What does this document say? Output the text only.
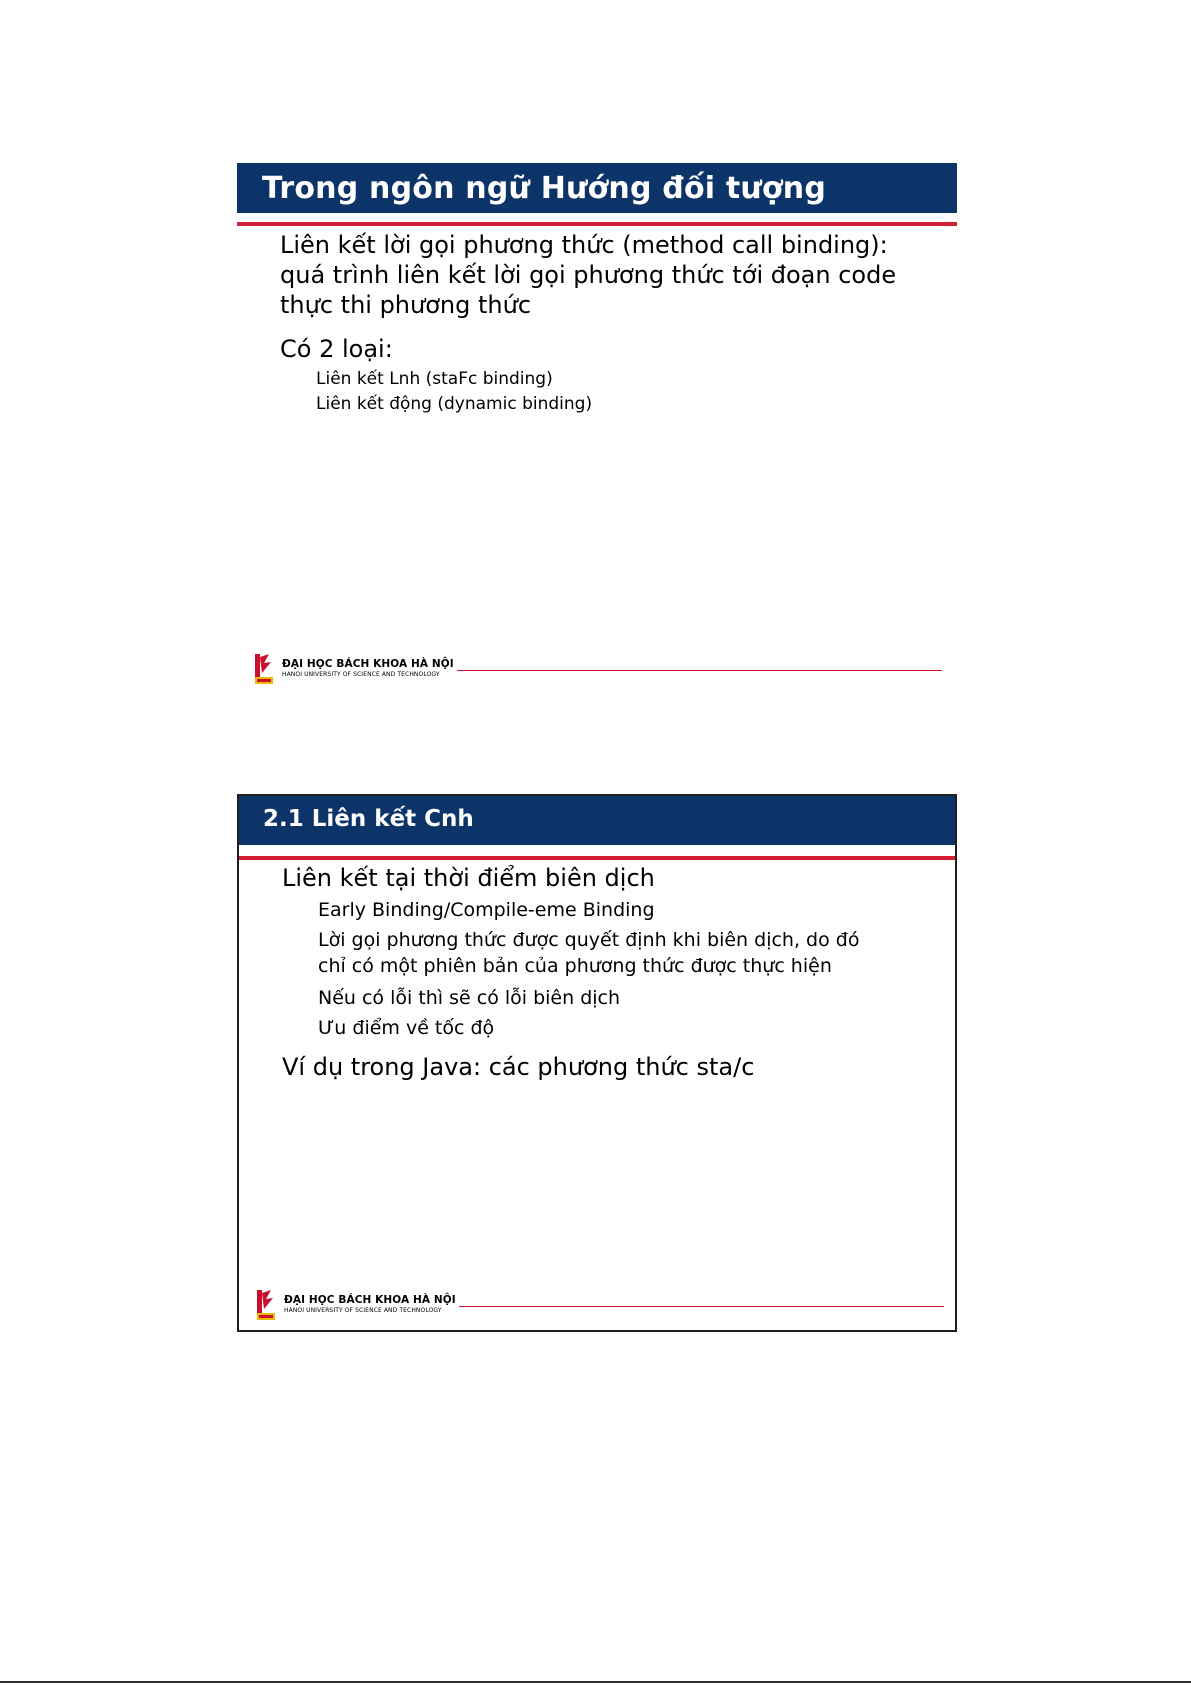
Trong ngôn ngữ Hướng đối tượng
Liên kết lời gọi phương thức (method call binding):
quá trình liên kết lời gọi phương thức tới đoạn code
thực thi phương thức
Có 2 loại:
Liên kết Lnh (staFc binding)
Liên kết động (dynamic binding)
ĐẠI HỌC BÁCH KHOA HÀ NỘI
HANOI UNIVERSITY OF SCIENCE AND TECHNOLOGY
2.1 Liên kết Cnh
Liên kết tại thời điểm biên dịch
Early Binding/Compile-eme Binding
Lời gọi phương thức được quyết định khi biên dịch, do đó
chỉ có một phiên bản của phương thức được thực hiện
Nếu có lỗi thì sẽ có lỗi biên dịch
Ưu điểm về tốc độ
Ví dụ trong Java: các phương thức sta/c
ĐẠI HỌC BÁCH KHOA HÀ NỘI
HANOI UNIVERSITY OF SCIENCE AND TECHNOLOGY
